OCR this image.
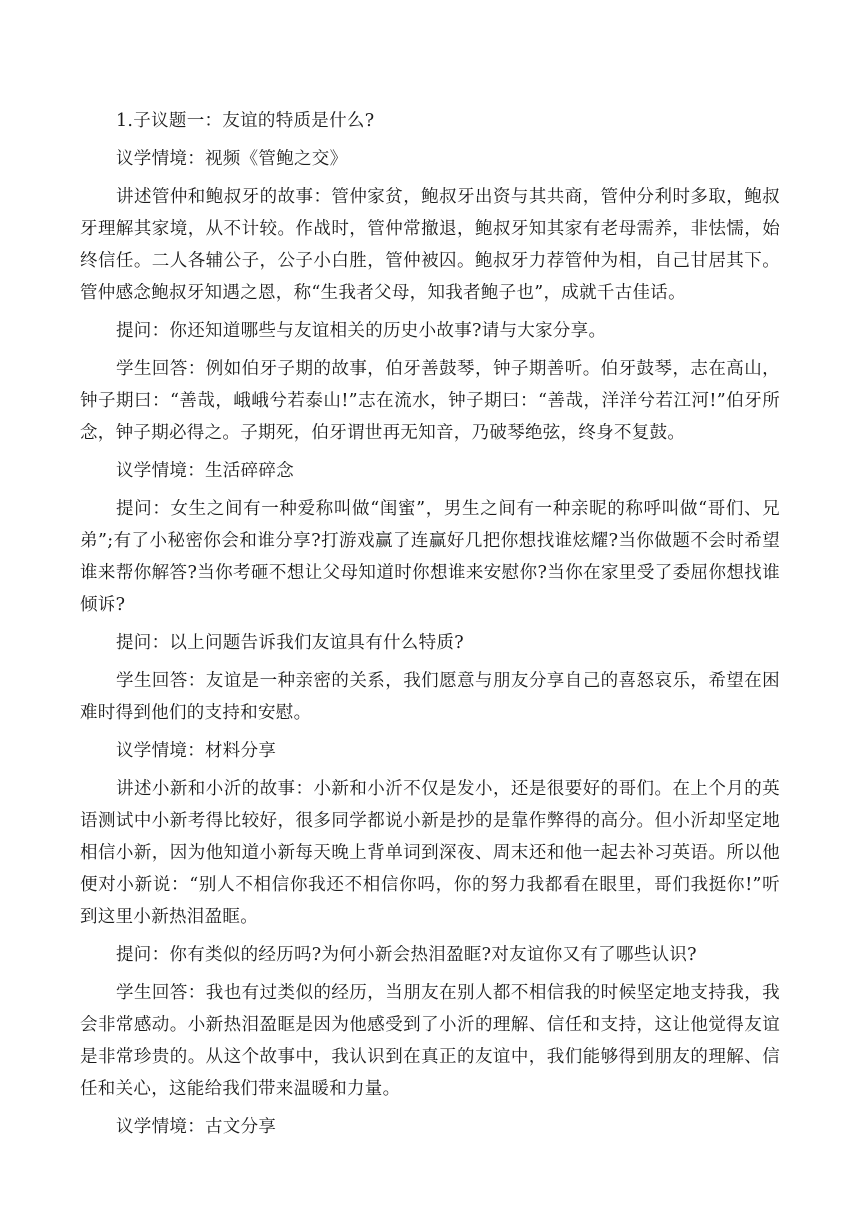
1.子议题一：友谊的特质是什么?

议学情境：视频《管鲍之交》

讲述管仲和鲍叔牙的故事：管仲家贫，鲍叔牙出资与其共商，管仲分利时多取，鲍叔牙理解其家境，从不计较。作战时，管仲常撤退，鲍叔牙知其家有老母需养，非怯懦，始终信任。二人各辅公子，公子小白胜，管仲被囚。鲍叔牙力荐管仲为相，自己甘居其下。管仲感念鲍叔牙知遇之恩，称“生我者父母，知我者鲍子也”，成就千古佳话。

提问：你还知道哪些与友谊相关的历史小故事?请与大家分享。

学生回答：例如伯牙子期的故事，伯牙善鼓琴，钟子期善听。伯牙鼓琴，志在高山，钟子期曰：“善哉，峨峨兮若泰山!”志在流水，钟子期曰：“善哉，洋洋兮若江河!”伯牙所念，钟子期必得之。子期死，伯牙谓世再无知音，乃破琴绝弦，终身不复鼓。

议学情境：生活碎碎念

提问：女生之间有一种爱称叫做“闺蜜”，男生之间有一种亲昵的称呼叫做“哥们、兄弟”;有了小秘密你会和谁分享?打游戏赢了连赢好几把你想找谁炫耀?当你做题不会时希望谁来帮你解答?当你考砸不想让父母知道时你想谁来安慰你?当你在家里受了委屈你想找谁倾诉?

提问：以上问题告诉我们友谊具有什么特质?

学生回答：友谊是一种亲密的关系，我们愿意与朋友分享自己的喜怒哀乐，希望在困难时得到他们的支持和安慰。

议学情境：材料分享

讲述小新和小沂的故事：小新和小沂不仅是发小，还是很要好的哥们。在上个月的英语测试中小新考得比较好，很多同学都说小新是抄的是靠作弊得的高分。但小沂却坚定地相信小新，因为他知道小新每天晚上背单词到深夜、周末还和他一起去补习英语。所以他便对小新说：“别人不相信你我还不相信你吗，你的努力我都看在眼里，哥们我挺你!”听到这里小新热泪盈眶。

提问：你有类似的经历吗?为何小新会热泪盈眶?对友谊你又有了哪些认识?

学生回答：我也有过类似的经历，当朋友在别人都不相信我的时候坚定地支持我，我会非常感动。小新热泪盈眶是因为他感受到了小沂的理解、信任和支持，这让他觉得友谊是非常珍贵的。从这个故事中，我认识到在真正的友谊中，我们能够得到朋友的理解、信任和关心，这能给我们带来温暖和力量。

议学情境：古文分享
